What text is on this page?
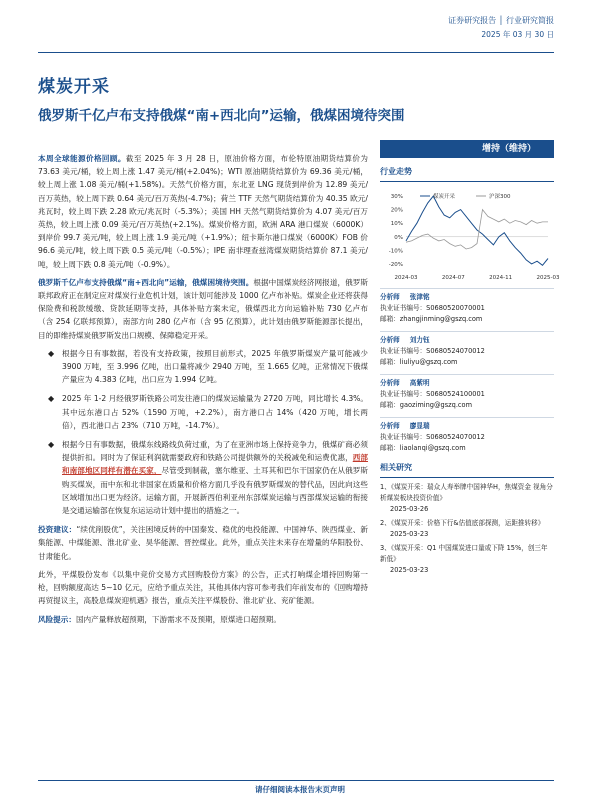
证券研究报告 │ 行业研究简报
2025 年 03 月 30 日
煤炭开采
俄罗斯千亿卢布支持俄煤“南+西北向”运输，俄煤困境待突围

本周全球能源价格回顾。截至 2025 年 3 月 28 日，原油价格方面，布伦特原油期货结算价为 73.63 美元/桶，较上周上涨 1.47 美元/桶(+2.04%)；WTI 原油期货结算价为 69.36 美元/桶，较上周上涨 1.08 美元/桶(+1.58%)。天然气价格方面，东北亚 LNG 现货到岸价为 12.89 美元/百万英热，较上周下跌 0.64 美元/百万英热(-4.7%)；荷兰 TTF 天然气期货结算价为 40.35 欧元/兆瓦时，较上周下跌 2.28 欧元/兆瓦时（-5.3%）；美国 HH 天然气期货结算价为 4.07 美元/百万英热，较上周上涨 0.09 美元/百万英热(+2.1%)。煤炭价格方面，欧洲 ARA 港口煤炭（6000K）到岸价 99.7 美元/吨，较上周上涨 1.9 美元/吨（+1.9%）；纽卡斯尔港口煤炭（6000K）FOB 价 96.6 美元/吨，较上周下跌 0.5 美元/吨（-0.5%）；IPE 南非理查兹湾煤炭期货结算价 87.1 美元/吨，较上周下跌 0.8 美元/吨（-0.9%）。

俄罗斯千亿卢布支持俄煤“南+西北向”运输，俄煤困境待突围。根据中国煤炭经济网报道，俄罗斯联邦政府正在制定应对煤炭行业危机计划，该计划可能涉及 1000 亿卢布补贴。煤炭企业还将获得保险费和税款缓缴、贷款延期等支持，具体补贴方案未定，俄煤西北方向运输补贴 730 亿卢布（含 254 亿联邦预算），南部方向 280 亿卢布（含 95 亿预算），此计划由俄罗斯能源部长提出，目的即维持煤炭俄罗斯发出口规模、保障稳定开采。

◆ 根据今日有事数据，若没有支持政策，按照目前形式，2025 年俄罗斯煤炭产量可能减少 3900 万吨，至 3.996 亿吨，出口量将减少 2940 万吨，至 1.665 亿吨，正常情况下俄煤产量应为 4.383 亿吨，出口应为 1.994 亿吨。
◆ 2025 年 1-2 月经俄罗斯铁路公司发往港口的煤炭运输量为 2720 万吨，同比增长 4.3%。其中远东港口占 52%（1590 万吨，+2.2%），南方港口占 14%（420 万吨，增长两倍），西北港口占 23%（710 万吨，-14.7%）。
◆ 根据今日有事数据，俄煤东线路线负荷过重，为了在亚洲市场上保持竞争力，俄煤矿商必须提供折扣。同时为了保证利润就需要政府和铁路公司提供额外的关税减免和运费优惠，西部和南部地区同样有潜在买家，尽管受到制裁，塞尔维亚、土耳其和巴尔干国家仍在从俄罗斯购买煤炭，而中东和北非国家在质量和价格方面几乎没有俄罗斯煤炭的替代品，因此向这些区域增加出口更为经济。运输方面，开展新西伯利亚州东部煤炭运输与西部煤炭运输的衔接是交通运输部在恢复东运运动计划中提出的措施之一。

投资建议：“续优削股优”，关注困境反转的中国秦发、稳优的电投能源、中国神华、陕西煤业、新集能源、中煤能源、淮北矿业、昊华能源、晋控煤业。此外，重点关注未来存在增量的华阳股份、甘肃能化。

此外，平煤股份发布《以集中竞价交易方式回购股份方案》的公告，正式打响煤企增持回购第一枪，回购额度高达 5~10 亿元，应给予重点关注，其他具体内容可参考我们年前发布的《回购增持再贸提议主，高股息煤炭迎机遇》报告，重点关注平煤股份、淮北矿业、兖矿能源。

风险提示：国内产量释放超预期，下游需求不及预期，原煤进口超预期。

增持（维持）
行业走势
30%
20%
10%
0%
-10%
-20%
2024-03	2024-07	2024-11	2025-03
煤炭开采	沪深300
分析师 张津铭
执业证书编号：S0680520070001
邮箱：zhangjinming@gszq.com
分析师 刘力钰
执业证书编号：S0680524070012
邮箱：liuliyu@gszq.com
分析师 高紫明
执业证书编号：S0680524100001
邮箱：gaoziming@gszq.com
分析师 廖显瑞
执业证书编号：S0680524070012
邮箱：liaolanqi@gszq.com
相关研究
1、《煤炭开采：瑞众人寿举牌中国神华H，焦煤资金 视角分析煤炭板块投资价值》
2025-03-26
2、《煤炭开采：价格下行&估值底部探测，运距推转移》
2025-03-23
3、《煤炭开采：Q1 中国煤炭进口量或下降 15%，创三年新低》
2025-03-23
请仔细阅读本报告末页声明
